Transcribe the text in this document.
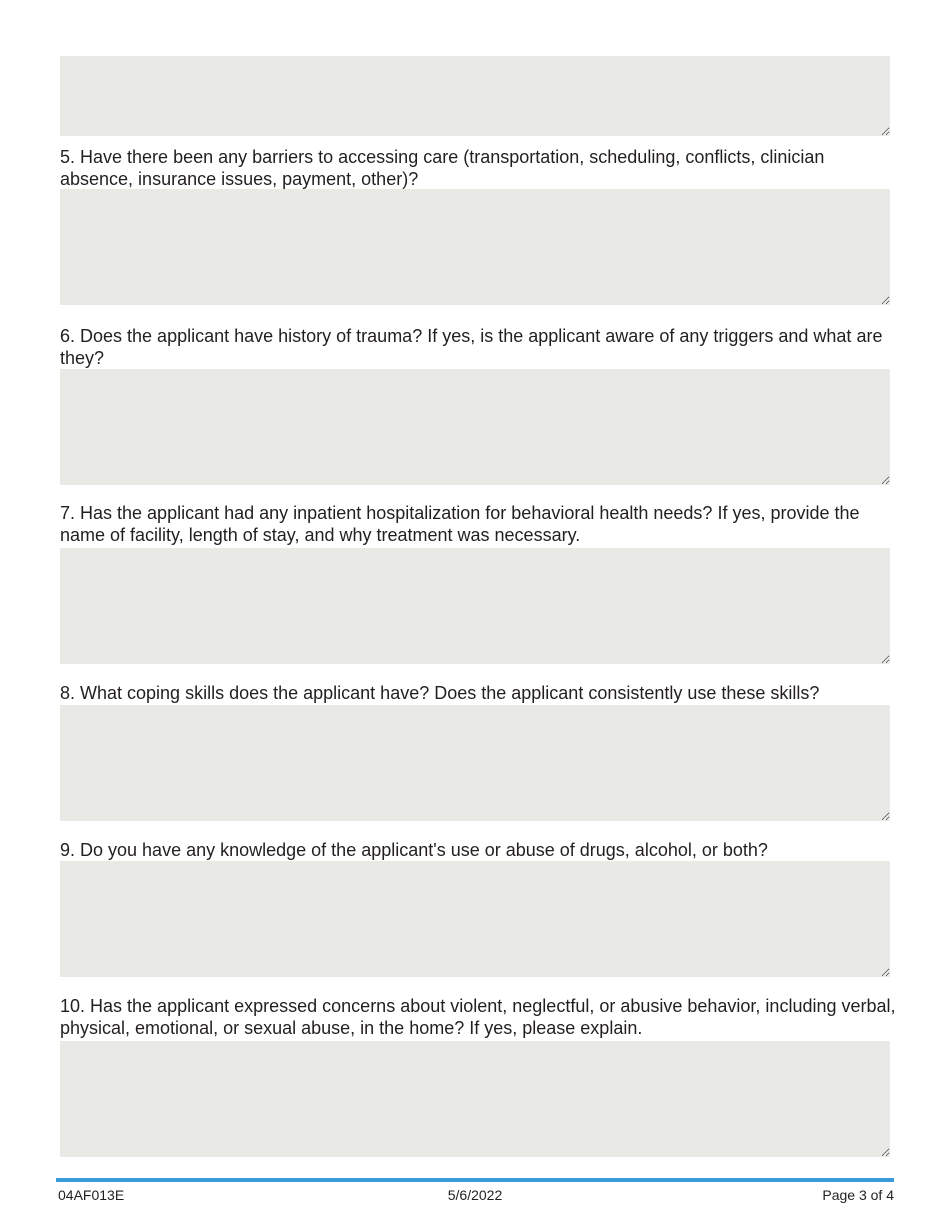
5. Have there been any barriers to accessing care (transportation, scheduling, conflicts, clinician absence, insurance issues, payment, other)?

6. Does the applicant have history of trauma? If yes, is the applicant aware of any triggers and what are they?

7. Has the applicant had any inpatient hospitalization for behavioral health needs? If yes, provide the name of facility, length of stay, and why treatment was necessary.

8. What coping skills does the applicant have? Does the applicant consistently use these skills?

9. Do you have any knowledge of the applicant's use or abuse of drugs, alcohol, or both?

10. Has the applicant expressed concerns about violent, neglectful, or abusive behavior, including verbal, physical, emotional, or sexual abuse, in the home? If yes, please explain.

04AF013E	5/6/2022	Page 3 of 4
